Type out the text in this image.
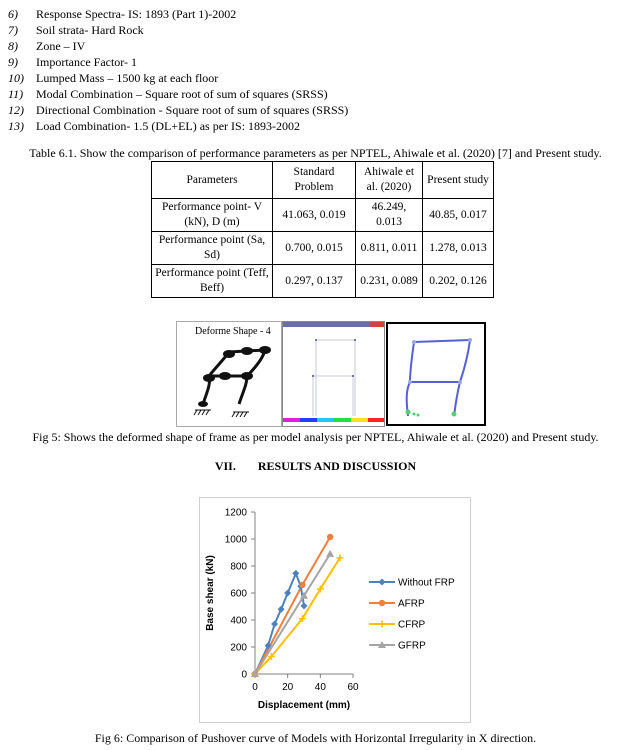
6) Response Spectra- IS: 1893 (Part 1)-2002
7) Soil strata- Hard Rock
8) Zone – IV
9) Importance Factor- 1
10) Lumped Mass – 1500 kg at each floor
11) Modal Combination – Square root of sum of squares (SRSS)
12) Directional Combination - Square root of sum of squares (SRSS)
13) Load Combination- 1.5 (DL+EL) as per IS: 1893-2002
Table 6.1. Show the comparison of performance parameters as per NPTEL, Ahiwale et al. (2020) [7] and Present study.
Parameters	Standard Problem	Ahiwale et al. (2020)	Present study
Performance point- V (kN), D (m)	41.063, 0.019	46.249, 0.013	40.85, 0.017
Performance point (Sa, Sd)	0.700, 0.015	0.811, 0.011	1.278, 0.013
Performance point (Teff, Beff)	0.297, 0.137	0.231, 0.089	0.202, 0.126
Deforme Shape - 4
Fig 5: Shows the deformed shape of frame as per model analysis per NPTEL, Ahiwale et al. (2020) and Present study.
VII. RESULTS AND DISCUSSION
0
200
400
600
800
1000
1200
0 20 40 60
Displacement (mm)
Base shear (kN)	Without FRP
AFRP
CFRP
GFRP
Fig 6: Comparison of Pushover curve of Models with Horizontal Irregularity in X direction.
